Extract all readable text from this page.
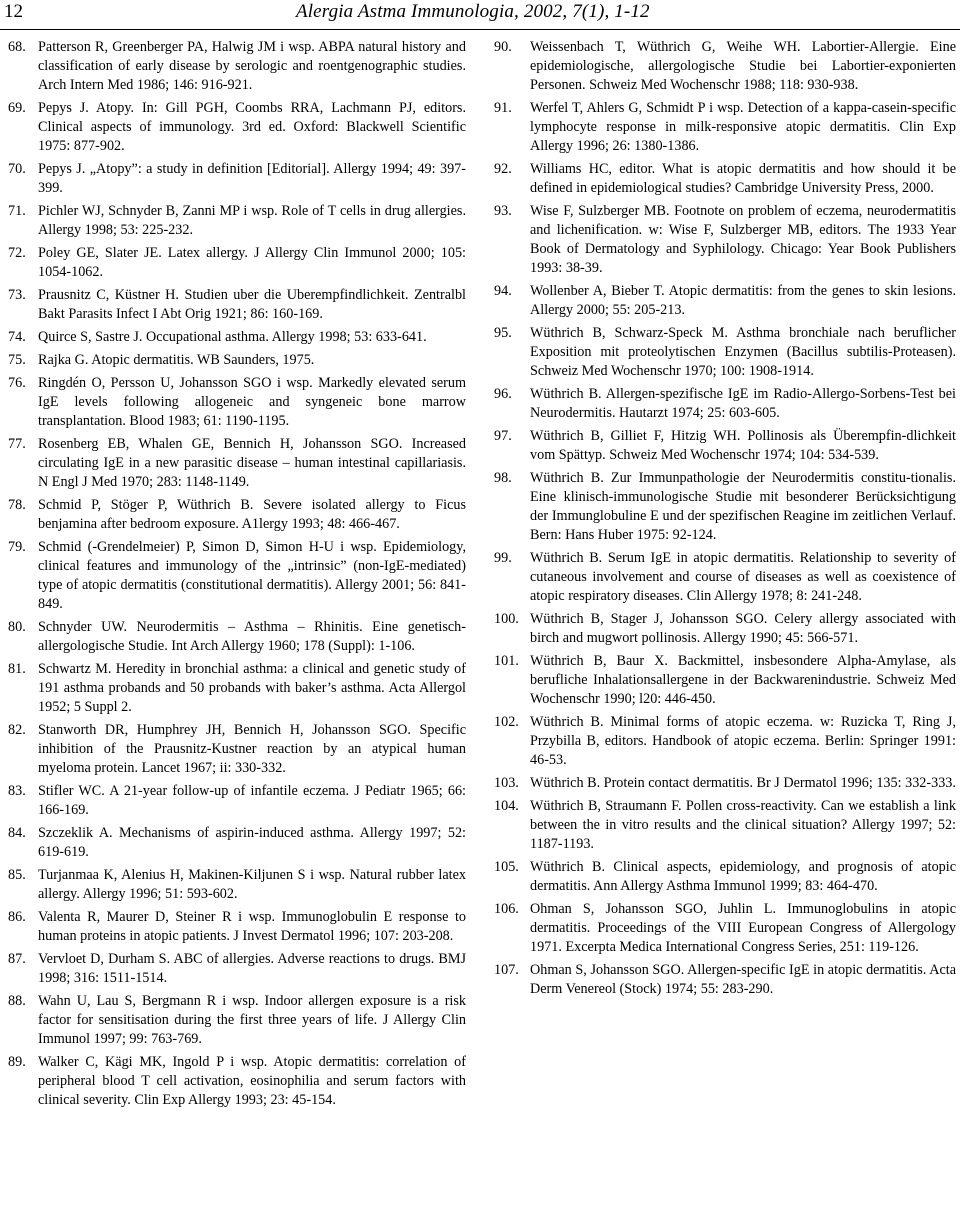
12	Alergia Astma Immunologia, 2002, 7(1), 1-12
68. Patterson R, Greenberger PA, Halwig JM i wsp. ABPA natural history and classification of early disease by serologic and roentgenographic studies. Arch Intern Med 1986; 146: 916-921.
69. Pepys J. Atopy. In: Gill PGH, Coombs RRA, Lachmann PJ, editors. Clinical aspects of immunology. 3rd ed. Oxford: Blackwell Scientific 1975: 877-902.
70. Pepys J. „Atopy”: a study in definition [Editorial]. Allergy 1994; 49: 397-399.
71. Pichler WJ, Schnyder B, Zanni MP i wsp. Role of T cells in drug allergies. Allergy 1998; 53: 225-232.
72. Poley GE, Slater JE. Latex allergy. J Allergy Clin Immunol 2000; 105: 1054-1062.
73. Prausnitz C, Küstner H. Studien uber die Uberempfindlichkeit. Zentralbl Bakt Parasits Infect I Abt Orig 1921; 86: 160-169.
74. Quirce S, Sastre J. Occupational asthma. Allergy 1998; 53: 633-641.
75. Rajka G. Atopic dermatitis. WB Saunders, 1975.
76. Ringdén O, Persson U, Johansson SGO i wsp. Markedly elevated serum IgE levels following allogeneic and syngeneic bone marrow transplantation. Blood 1983; 61: 1190-1195.
77. Rosenberg EB, Whalen GE, Bennich H, Johansson SGO. Increased circulating IgE in a new parasitic disease – human intestinal capillariasis. N Engl J Med 1970; 283: 1148-1149.
78. Schmid P, Stöger P, Wüthrich B. Severe isolated allergy to Ficus benjamina after bedroom exposure. A1lergy 1993; 48: 466-467.
79. Schmid (-Grendelmeier) P, Simon D, Simon H-U i wsp. Epidemiology, clinical features and immunology of the „intrinsic” (non-IgE-mediated) type of atopic dermatitis (constitutional dermatitis). Allergy 2001; 56: 841-849.
80. Schnyder UW. Neurodermitis – Asthma – Rhinitis. Eine genetisch-allergologische Studie. Int Arch Allergy 1960; 178 (Suppl): 1-106.
81. Schwartz M. Heredity in bronchial asthma: a clinical and genetic study of 191 asthma probands and 50 probands with baker’s asthma. Acta Allergol 1952; 5 Suppl 2.
82. Stanworth DR, Humphrey JH, Bennich H, Johansson SGO. Specific inhibition of the Prausnitz-Kustner reaction by an atypical human myeloma protein. Lancet 1967; ii: 330-332.
83. Stifler WC. A 21-year follow-up of infantile eczema. J Pediatr 1965; 66: 166-169.
84. Szczeklik A. Mechanisms of aspirin-induced asthma. Allergy 1997; 52: 619-619.
85. Turjanmaa K, Alenius H, Makinen-Kiljunen S i wsp. Natural rubber latex allergy. Allergy 1996; 51: 593-602.
86. Valenta R, Maurer D, Steiner R i wsp. Immunoglobulin E response to human proteins in atopic patients. J Invest Dermatol 1996; 107: 203-208.
87. Vervloet D, Durham S. ABC of allergies. Adverse reactions to drugs. BMJ 1998; 316: 1511-1514.
88. Wahn U, Lau S, Bergmann R i wsp. Indoor allergen exposure is a risk factor for sensitisation during the first three years of life. J Allergy Clin Immunol 1997; 99: 763-769.
89. Walker C, Kägi MK, Ingold P i wsp. Atopic dermatitis: correlation of peripheral blood T cell activation, eosinophilia and serum factors with clinical severity. Clin Exp Allergy 1993; 23: 45-154.
90. Weissenbach T, Wüthrich G, Weihe WH. Labortier-Allergie. Eine epidemiologische, allergologische Studie bei Labortier-exponierten Personen. Schweiz Med Wochenschr 1988; 118: 930-938.
91. Werfel T, Ahlers G, Schmidt P i wsp. Detection of a kappa-casein-specific lymphocyte response in milk-responsive atopic dermatitis. Clin Exp Allergy 1996; 26: 1380-1386.
92. Williams HC, editor. What is atopic dermatitis and how should it be defined in epidemiological studies? Cambridge University Press, 2000.
93. Wise F, Sulzberger MB. Footnote on problem of eczema, neurodermatitis and lichenification. w: Wise F, Sulzberger MB, editors. The 1933 Year Book of Dermatology and Syphilology. Chicago: Year Book Publishers 1993: 38-39.
94. Wollenber A, Bieber T. Atopic dermatitis: from the genes to skin lesions. Allergy 2000; 55: 205-213.
95. Wüthrich B, Schwarz-Speck M. Asthma bronchiale nach beruflicher Exposition mit proteolytischen Enzymen (Bacillus subtilis-Proteasen). Schweiz Med Wochenschr 1970; 100: 1908-1914.
96. Wüthrich B. Allergen-spezifische IgE im Radio-Allergo-Sorbens-Test bei Neurodermitis. Hautarzt 1974; 25: 603-605.
97. Wüthrich B, Gilliet F, Hitzig WH. Pollinosis als Überempfin-dlichkeit vom Spättyp. Schweiz Med Wochenschr 1974; 104: 534-539.
98. Wüthrich B. Zur Immunpathologie der Neurodermitis constitu-tionalis. Eine klinisch-immunologische Studie mit besonderer Berücksichtigung der Immunglobuline E und der spezifischen Reagine im zeitlichen Verlauf. Bern: Hans Huber 1975: 92-124.
99. Wüthrich B. Serum IgE in atopic dermatitis. Relationship to severity of cutaneous involvement and course of diseases as well as coexistence of atopic respiratory diseases. Clin Allergy 1978; 8: 241-248.
100. Wüthrich B, Stager J, Johansson SGO. Celery allergy associated with birch and mugwort pollinosis. Allergy 1990; 45: 566-571.
101. Wüthrich B, Baur X. Backmittel, insbesondere Alpha-Amylase, als berufliche Inhalationsallergene in der Backwarenindustrie. Schweiz Med Wochenschr 1990; l20: 446-450.
102. Wüthrich B. Minimal forms of atopic eczema. w: Ruzicka T, Ring J, Przybilla B, editors. Handbook of atopic eczema. Berlin: Springer 1991: 46-53.
103. Wüthrich B. Protein contact dermatitis. Br J Dermatol 1996; 135: 332-333.
104. Wüthrich B, Straumann F. Pollen cross-reactivity. Can we establish a link between the in vitro results and the clinical situation? Allergy 1997; 52: 1187-1193.
105. Wüthrich B. Clinical aspects, epidemiology, and prognosis of atopic dermatitis. Ann Allergy Asthma Immunol 1999; 83: 464-470.
106. Ohman S, Johansson SGO, Juhlin L. Immunoglobulins in atopic dermatitis. Proceedings of the VIII European Congress of Allergology 1971. Excerpta Medica International Congress Series, 251: 119-126.
107. Ohman S, Johansson SGO. Allergen-specific IgE in atopic dermatitis. Acta Derm Venereol (Stock) 1974; 55: 283-290.
